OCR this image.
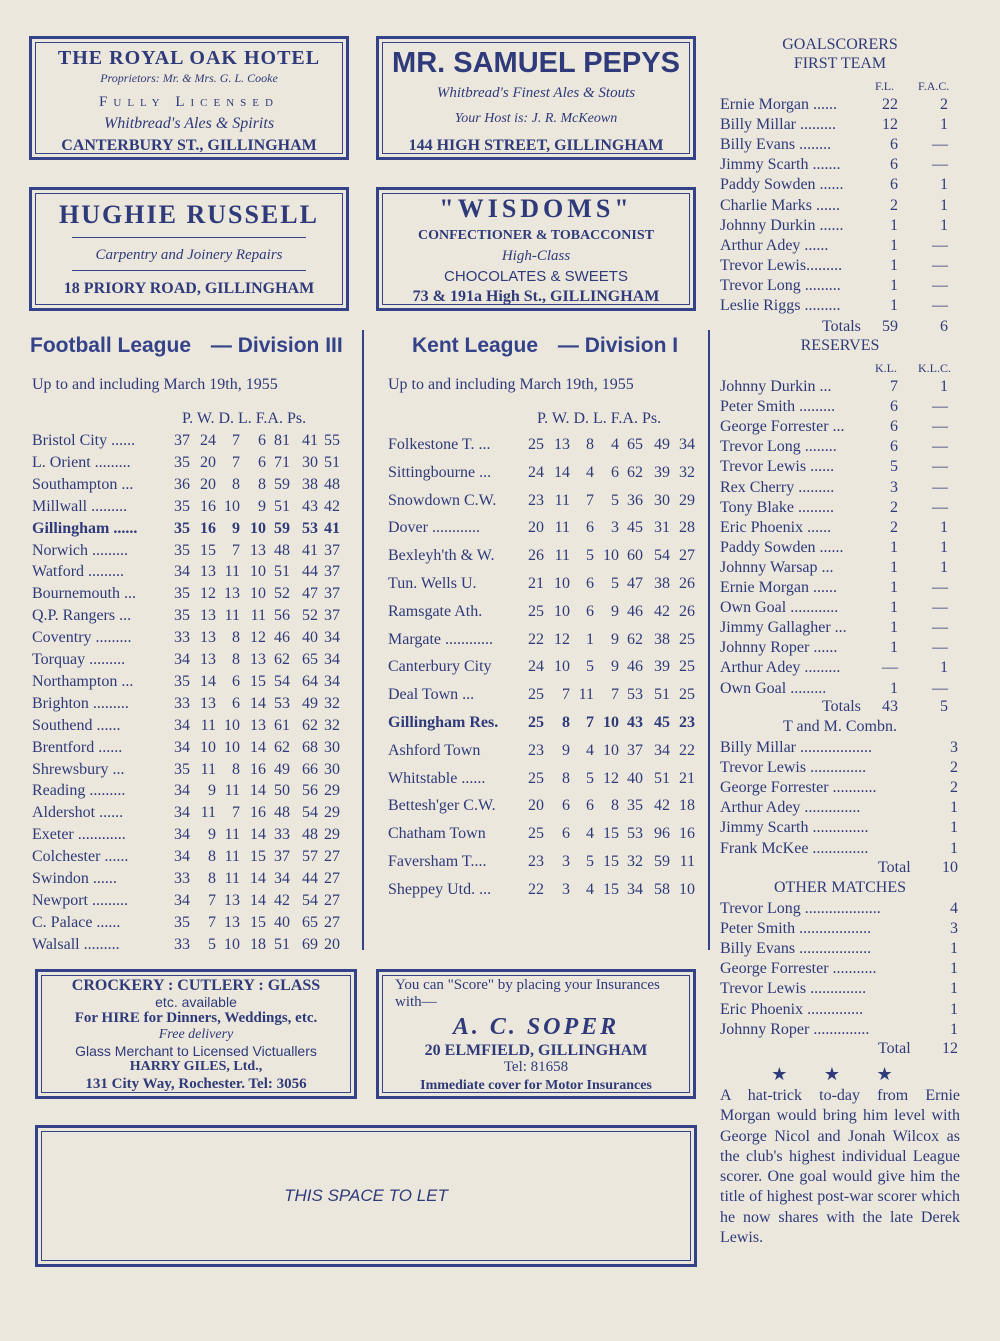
THE ROYAL OAK HOTEL
Proprietors: Mr. & Mrs. G. L. Cooke
Fully Licensed
Whitbread's Ales & Spirits
CANTERBURY ST., GILLINGHAM
MR. SAMUEL PEPYS
Whitbread's Finest Ales & Stouts
Your Host is: J. R. McKeown
144 HIGH STREET, GILLINGHAM
HUGHIE RUSSELL
Carpentry and Joinery Repairs
18 PRIORY ROAD, GILLINGHAM
"WISDOMS"
CONFECTIONER & TOBACCONIST
High-Class
CHOCOLATES & SWEETS
73 & 191a High St., GILLINGHAM
Football League — Division III
Up to and including March 19th, 1955
P. W. D. L. F.A. Ps.
Bristol City ......	37 24	7	6 81 41 55
L. Orient .........	35 20	7	6 71 30 51
Southampton ...	36 20	8	8 59 38 48
Millwall .........	35 16 10	9 51 43 42
Gillingham ......	35 16	9 10 59 53 41
Norwich .........	35 15	7 13 48 41 37
Watford .........	34 13 11 10 51 44 37
Bournemouth ...	35 12 13 10 52 47 37
Q.P. Rangers ...	35 13 11 11 56 52 37
Coventry .........	33 13	8 12 46 40 34
Torquay .........	34 13	8 13 62 65 34
Northampton ...	35 14	6 15 54 64 34
Brighton .........	33 13	6 14 53 49 32
Southend ......	34 11 10 13 61 62 32
Brentford ......	34 10 10 14 62 68 30
Shrewsbury ...	35 11	8 16 49 66 30
Reading .........	34	9 11 14 50 56 29
Aldershot ......	34 11	7 16 48 54 29
Exeter ............	34	9 11 14 33 48 29
Colchester ......	34	8 11 15 37 57 27
Swindon ......	33	8 11 14 34 44 27
Newport .........	34	7 13 14 42 54 27
C. Palace ......	35	7 13 15 40 65 27
Walsall .........	33	5 10 18 51 69 20
Kent League — Division I
Up to and including March 19th, 1955
P. W. D. L. F.A. Ps.
Folkestone T. ...	25 13	8	4 65 49 34
Sittingbourne ...	24 14	4	6 62 39 32
Snowdown C.W.	23 11	7	5 36 30 29
Dover ............	20 11	6	3 45 31 28
Bexleyh'th & W.	26 11	5 10 60 54 27
Tun. Wells U.	21 10	6	5 47 38 26
Ramsgate Ath.	25 10	6	9 46 42 26
Margate ............	22 12	1	9 62 38 25
Canterbury City	24 10	5	9 46 39 25
Deal Town ...	25	7 11	7 53 51 25
Gillingham Res.	25	8	7 10 43 45 23
Ashford Town	23	9	4 10 37 34 22
Whitstable ......	25	8	5 12 40 51 21
Bettesh'ger C.W.	20	6	6	8 35 42 18
Chatham Town	25	6	4 15 53 96 16
Faversham T....	23	3	5 15 32 59 11
Sheppey Utd. ...	22	3	4 15 34 58 10
GOALSCORERS
FIRST TEAM
F.L. F.A.C.
Ernie Morgan ......	22	2
Billy Millar .........	12	1
Billy Evans ........	6	—
Jimmy Scarth .......	6	—
Paddy Sowden ......	6	1
Charlie Marks ......	2	1
Johnny Durkin ......	1	1
Arthur Adey ......	1	—
Trevor Lewis.........	1	—
Trevor Long .........	1	—
Leslie Riggs .........	1	—
Totals	59	6
RESERVES
K.L. K.L.C.
Johnny Durkin ...	7	1
Peter Smith .........	6	—
George Forrester ...	6	—
Trevor Long ........	6	—
Trevor Lewis ......	5	—
Rex Cherry .........	3	—
Tony Blake .........	2	—
Eric Phoenix ......	2	1
Paddy Sowden ......	1	1
Johnny Warsap ...	1	1
Ernie Morgan ......	1	—
Own Goal ............	1	—
Jimmy Gallagher ...	1	—
Johnny Roper ......	1	—
Arthur Adey .........	—	1
Own Goal .........	1	—
Totals	43	5
T and M. Combn.
Billy Millar ..................	3
Trevor Lewis ..............	2
George Forrester ...........	2
Arthur Adey ..............	1
Jimmy Scarth ..............	1
Frank McKee ..............	1
Total	10
OTHER MATCHES
Trevor Long ...................	4
Peter Smith ..................	3
Billy Evans ..................	1
George Forrester ...........	1
Trevor Lewis ..............	1
Eric Phoenix ..............	1
Johnny Roper ..............	1
Total	12
★ ★ ★
A hat-trick to-day from Ernie Morgan would bring him level with George Nicol and Jonah Wilcox as the club's highest individual League scorer. One goal would give him the title of highest post-war scorer which he now shares with the late Derek Lewis.
CROCKERY : CUTLERY : GLASS
etc. available
For HIRE for Dinners, Weddings, etc.
Free delivery
Glass Merchant to Licensed Victuallers
HARRY GILES, Ltd.,
131 City Way, Rochester. Tel: 3056
You can "Score" by placing your Insurances with—
A. C. SOPER
20 ELMFIELD, GILLINGHAM
Tel: 81658
Immediate cover for Motor Insurances
THIS SPACE TO LET
